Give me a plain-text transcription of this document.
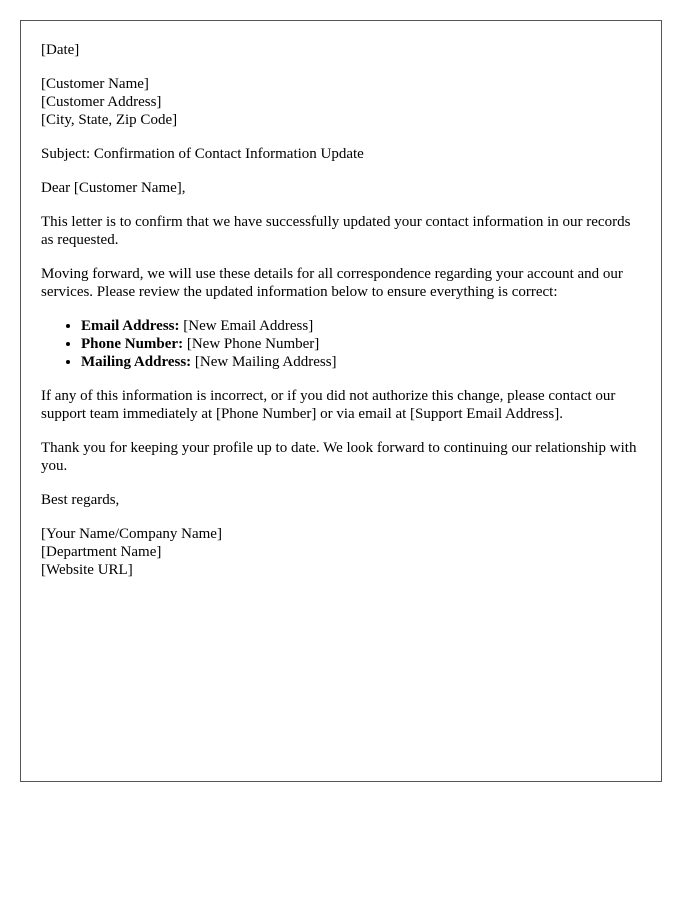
[Date]

[Customer Name]
[Customer Address]
[City, State, Zip Code]

Subject: Confirmation of Contact Information Update

Dear [Customer Name],

This letter is to confirm that we have successfully updated your contact information in our records as requested.

Moving forward, we will use these details for all correspondence regarding your account and our services. Please review the updated information below to ensure everything is correct:

• Email Address: [New Email Address]
• Phone Number: [New Phone Number]
• Mailing Address: [New Mailing Address]

If any of this information is incorrect, or if you did not authorize this change, please contact our support team immediately at [Phone Number] or via email at [Support Email Address].

Thank you for keeping your profile up to date. We look forward to continuing our relationship with you.

Best regards,

[Your Name/Company Name]
[Department Name]
[Website URL]
